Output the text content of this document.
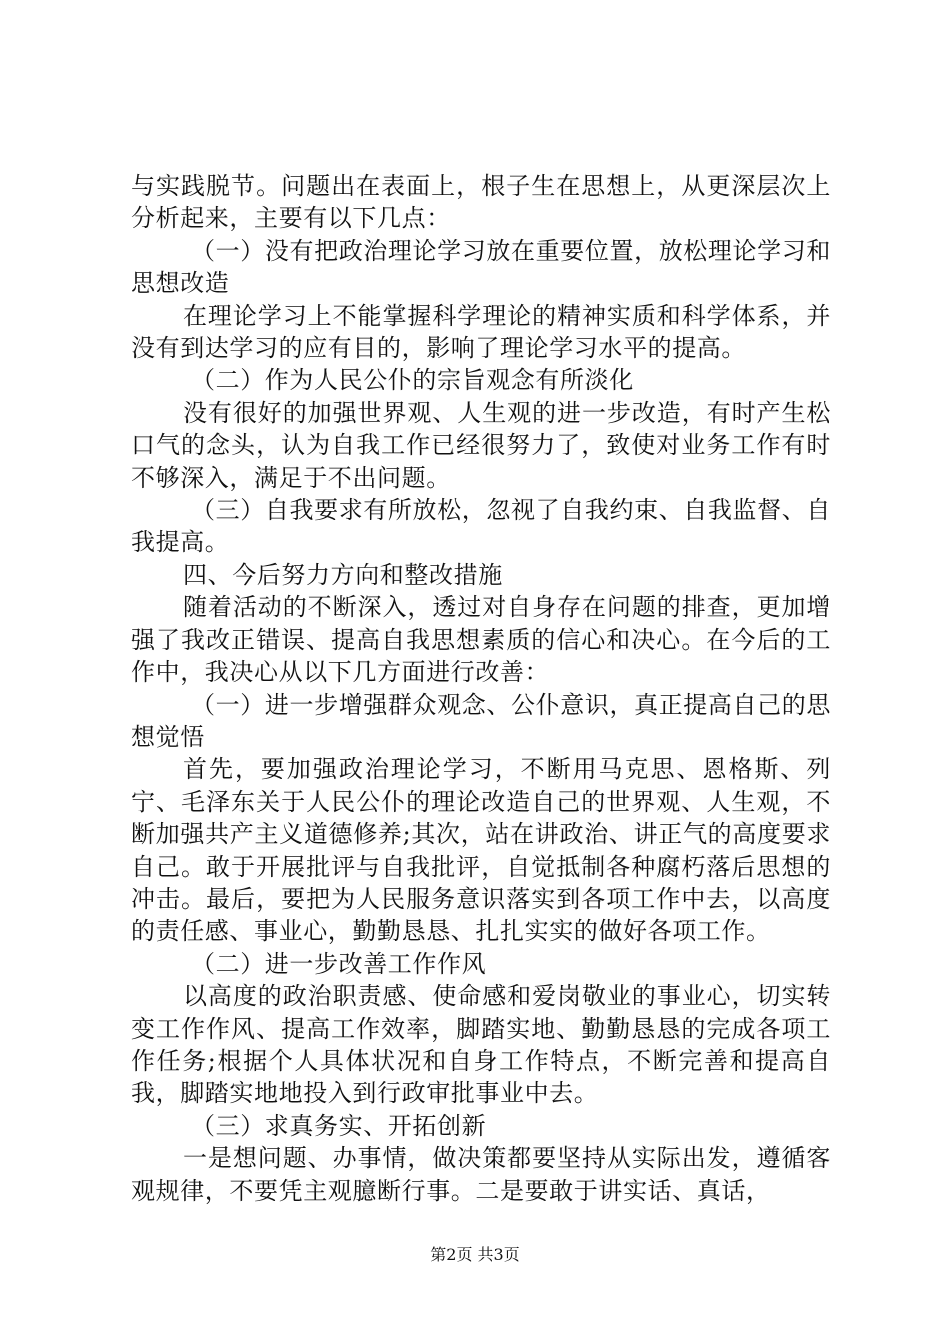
与实践脱节。问题出在表面上，根子生在思想上，从更深层次上分析起来，主要有以下几点：

（一）没有把政治理论学习放在重要位置，放松理论学习和思想改造

在理论学习上不能掌握科学理论的精神实质和科学体系，并没有到达学习的应有目的，影响了理论学习水平的提高。

（二）作为人民公仆的宗旨观念有所淡化

没有很好的加强世界观、人生观的进一步改造，有时产生松口气的念头，认为自我工作已经很努力了，致使对业务工作有时不够深入，满足于不出问题。

（三）自我要求有所放松，忽视了自我约束、自我监督、自我提高。

四、今后努力方向和整改措施

随着活动的不断深入，透过对自身存在问题的排查，更加增强了我改正错误、提高自我思想素质的信心和决心。在今后的工作中，我决心从以下几方面进行改善：

（一）进一步增强群众观念、公仆意识，真正提高自己的思想觉悟

首先，要加强政治理论学习，不断用马克思、恩格斯、列宁、毛泽东关于人民公仆的理论改造自己的世界观、人生观，不断加强共产主义道德修养;其次，站在讲政治、讲正气的高度要求自己。敢于开展批评与自我批评，自觉抵制各种腐朽落后思想的冲击。最后，要把为人民服务意识落实到各项工作中去，以高度的责任感、事业心，勤勤恳恳、扎扎实实的做好各项工作。

（二）进一步改善工作作风

以高度的政治职责感、使命感和爱岗敬业的事业心，切实转变工作作风、提高工作效率，脚踏实地、勤勤恳恳的完成各项工作任务;根据个人具体状况和自身工作特点，不断完善和提高自我，脚踏实地地投入到行政审批事业中去。

（三）求真务实、开拓创新

一是想问题、办事情，做决策都要坚持从实际出发，遵循客观规律，不要凭主观臆断行事。二是要敢于讲实话、真话，

第2页 共3页
